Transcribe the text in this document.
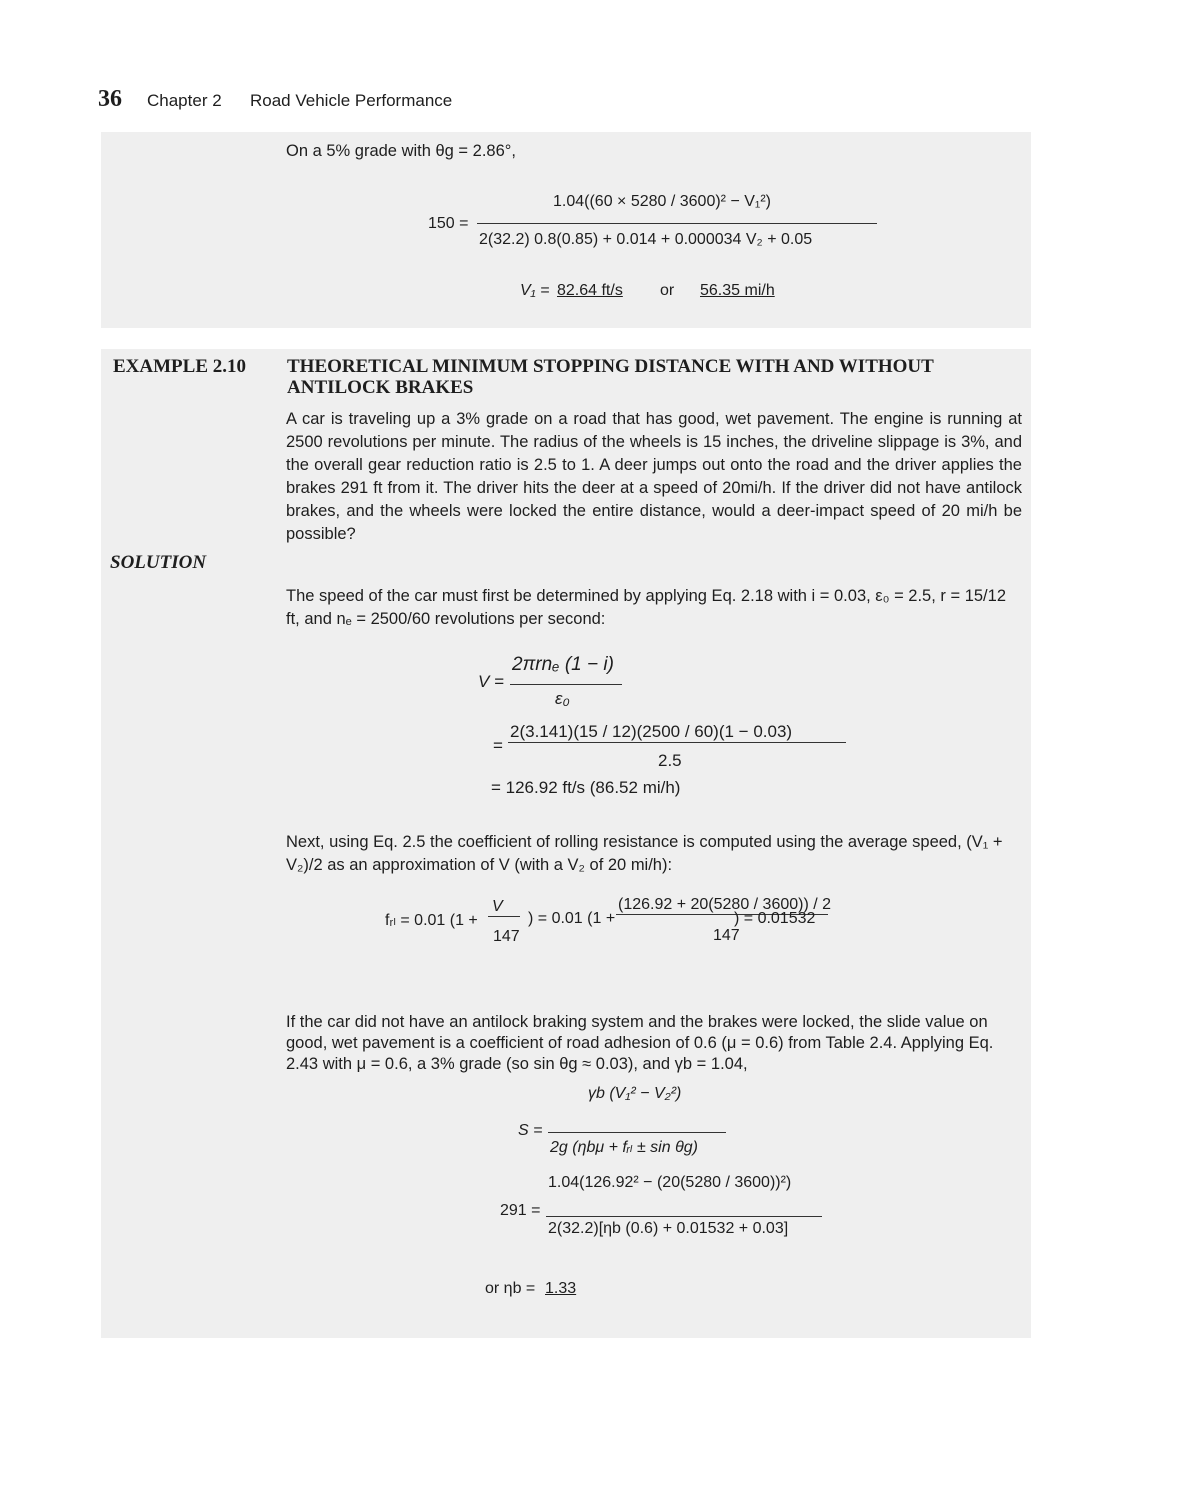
36 Chapter 2 Road Vehicle Performance
On a 5% grade with θg = 2.86°,
150 =
1.04((60 × 5280 / 3600)² − V₁²)
2(32.2) 0.8(0.85) + 0.014 + 0.000034 V₂ + 0.05
V₁ = 82.64 ft/s or 56.35 mi/h
EXAMPLE 2.10 THEORETICAL MINIMUM STOPPING DISTANCE WITH AND WITHOUT ANTILOCK BRAKES
A car is traveling up a 3% grade on a road that has good, wet pavement. The engine is running at 2500 revolutions per minute. The radius of the wheels is 15 inches, the driveline slippage is 3%, and the overall gear reduction ratio is 2.5 to 1. A deer jumps out onto the road and the driver applies the brakes 291 ft from it. The driver hits the deer at a speed of 20mi/h. If the driver did not have antilock brakes, and the wheels were locked the entire distance, would a deer-impact speed of 20 mi/h be possible?
SOLUTION
The speed of the car must first be determined by applying Eq. 2.18 with i = 0.03, ε₀ = 2.5, r = 15/12 ft, and nₑ = 2500/60 revolutions per second:
V =
2πrnₑ (1 − i)
ε₀
=
2(3.141)(15 / 12)(2500 / 60)(1 − 0.03)
2.5
= 126.92 ft/s (86.52 mi/h)
Next, using Eq. 2.5 the coefficient of rolling resistance is computed using the average speed, (V₁ + V₂)/2 as an approximation of V (with a V₂ of 20 mi/h):
fᵣₗ = 0.01 (1 +
V
147
) = 0.01 (1 +
(126.92 + 20(5280 / 3600)) / 2
147
) = 0.01532
If the car did not have an antilock braking system and the brakes were locked, the slide value on good, wet pavement is a coefficient of road adhesion of 0.6 (μ = 0.6) from Table 2.4. Applying Eq. 2.43 with μ = 0.6, a 3% grade (so sin θg ≈ 0.03), and γb = 1.04,
S =
γb (V₁² − V₂²)
2g (ηbμ + fᵣₗ ± sin θg)
291 =
1.04(126.92² − (20(5280 / 3600))²)
2(32.2)[ηb (0.6) + 0.01532 + 0.03]
or ηb = 1.33
